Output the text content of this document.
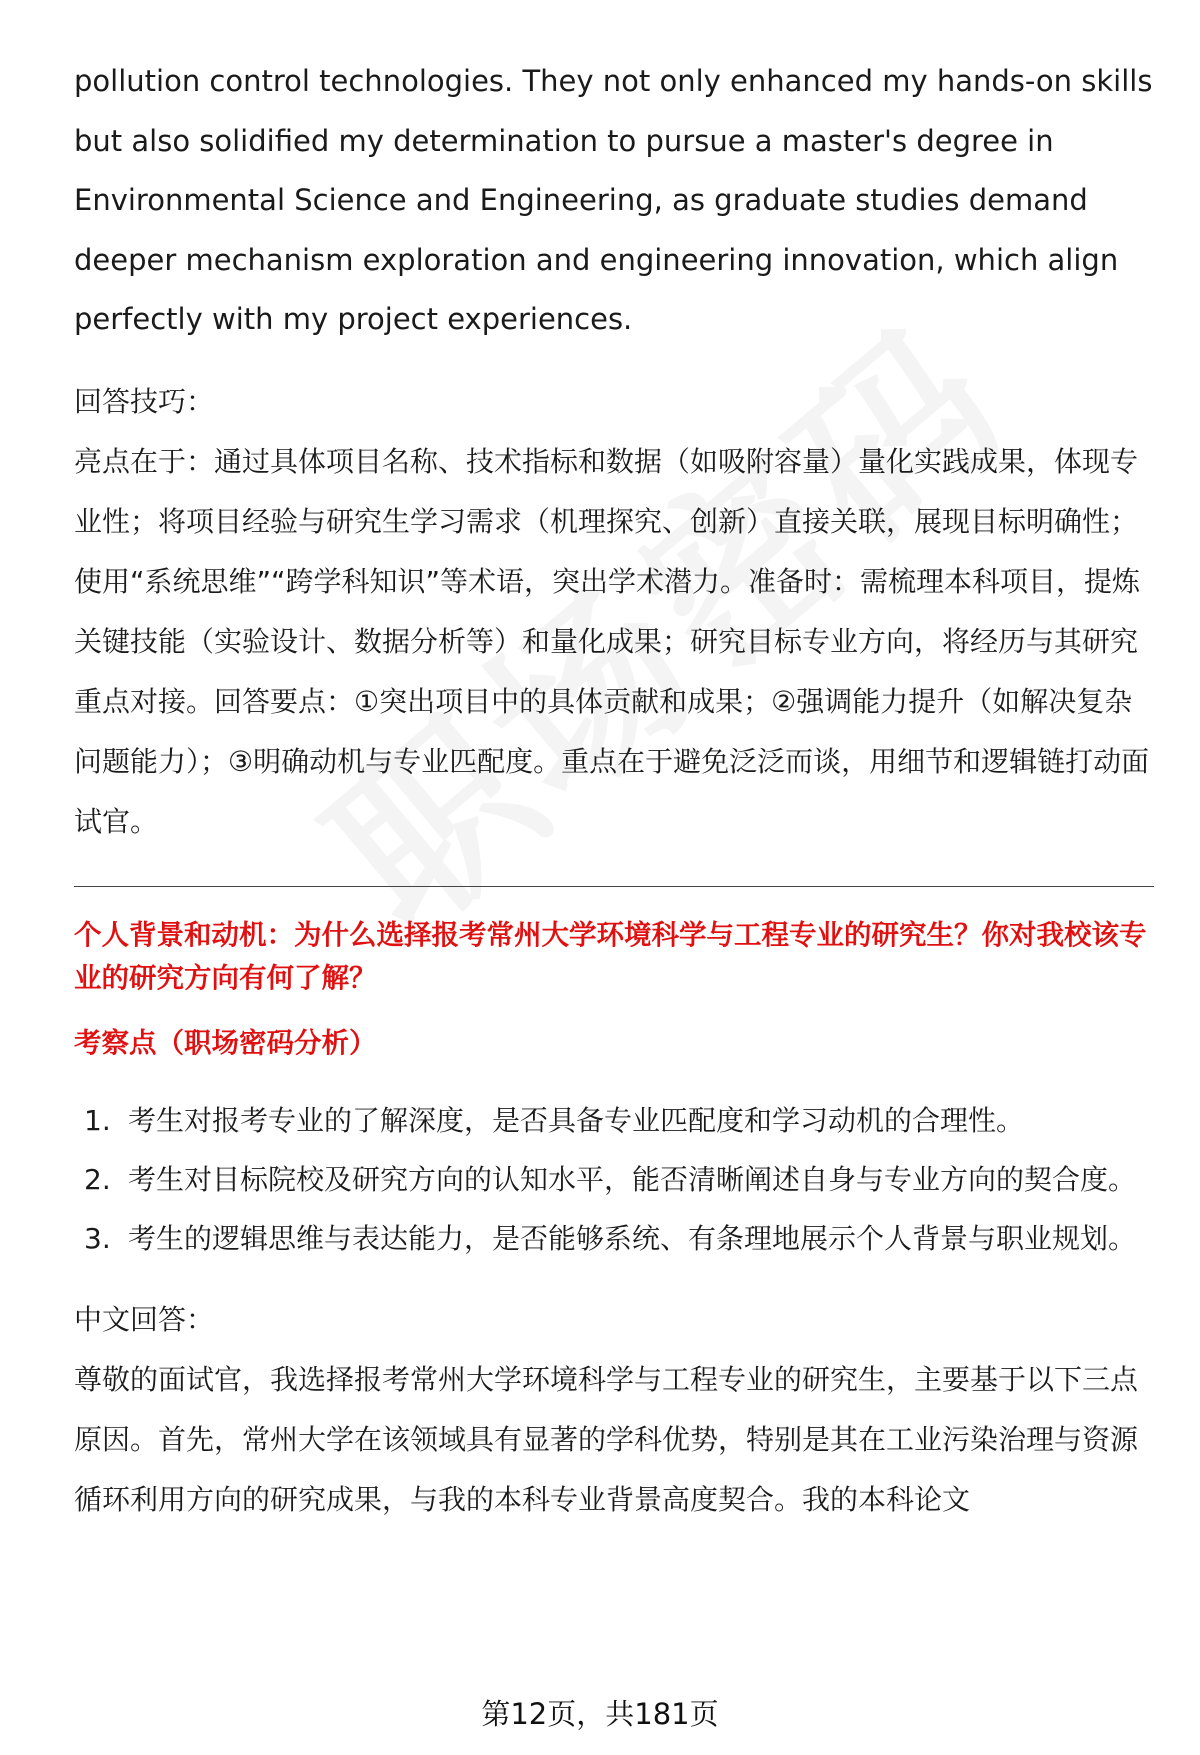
pollution control technologies. They not only enhanced my hands-on skills but also solidified my determination to pursue a master's degree in Environmental Science and Engineering, as graduate studies demand deeper mechanism exploration and engineering innovation, which align perfectly with my project experiences.

回答技巧：

亮点在于：通过具体项目名称、技术指标和数据（如吸附容量）量化实践成果，体现专业性；将项目经验与研究生学习需求（机理探究、创新）直接关联，展现目标明确性；使用“系统思维”“跨学科知识”等术语，突出学术潜力。准备时：需梳理本科项目，提炼关键技能（实验设计、数据分析等）和量化成果；研究目标专业方向，将经历与其研究重点对接。回答要点：①突出项目中的具体贡献和成果；②强调能力提升（如解决复杂问题能力）；③明确动机与专业匹配度。重点在于避免泛泛而谈，用细节和逻辑链打动面试官。

个人背景和动机：为什么选择报考常州大学环境科学与工程专业的研究生？你对我校该专业的研究方向有何了解？

考察点（职场密码分析）

1. 考生对报考专业的了解深度，是否具备专业匹配度和学习动机的合理性。
2. 考生对目标院校及研究方向的认知水平，能否清晰阐述自身与专业方向的契合度。
3. 考生的逻辑思维与表达能力，是否能够系统、有条理地展示个人背景与职业规划。

中文回答：

尊敬的面试官，我选择报考常州大学环境科学与工程专业的研究生，主要基于以下三点原因。首先，常州大学在该领域具有显著的学科优势，特别是其在工业污染治理与资源循环利用方向的研究成果，与我的本科专业背景高度契合。我的本科论文

第12页，共181页
